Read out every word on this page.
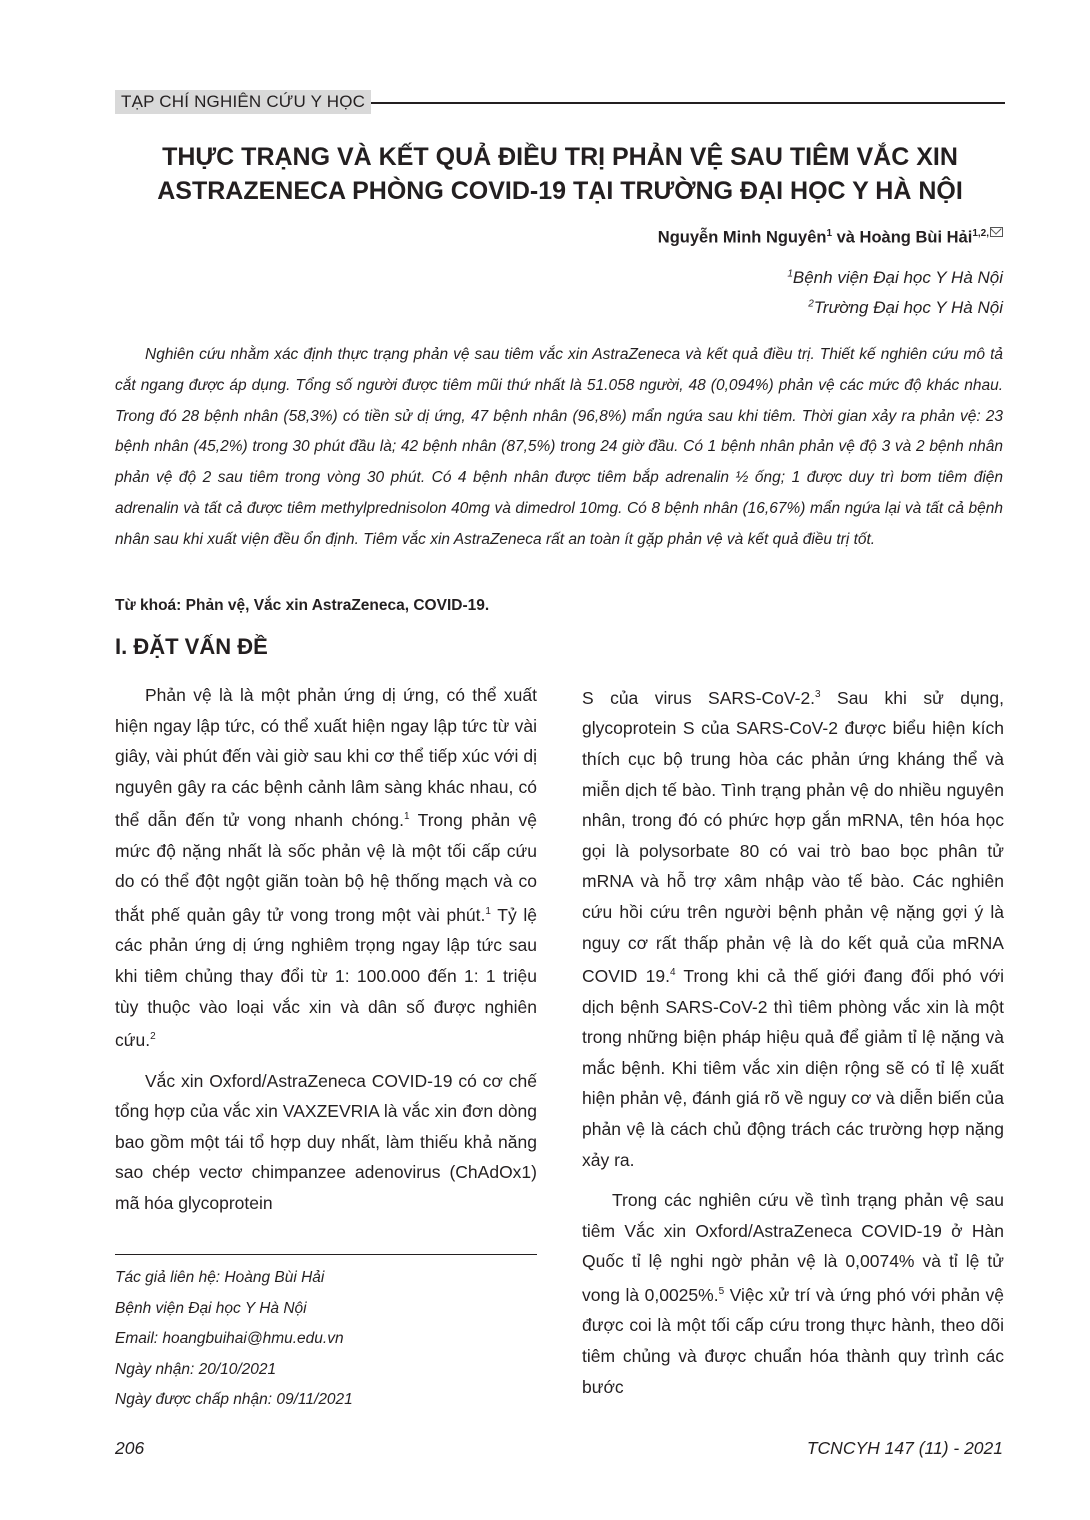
TẠP CHÍ NGHIÊN CỨU Y HỌC
THỰC TRẠNG VÀ KẾT QUẢ ĐIỀU TRỊ PHẢN VỆ SAU TIÊM VẮC XIN
ASTRAZENECA PHÒNG COVID-19 TẠI TRƯỜNG ĐẠI HỌC Y HÀ NỘI
Nguyễn Minh Nguyên$^1$ và Hoàng Bùi Hải$^{1,2,}$
$^1$Bệnh viện Đại học Y Hà Nội
$^2$Trường Đại học Y Hà Nội

Nghiên cứu nhằm xác định thực trạng phản vệ sau tiêm vắc xin AstraZeneca và kết quả điều trị. Thiết kế nghiên cứu mô tả cắt ngang được áp dụng. Tổng số người được tiêm mũi thứ nhất là 51.058 người, 48 (0,094%) phản vệ các mức độ khác nhau. Trong đó 28 bệnh nhân (58,3%) có tiền sử dị ứng, 47 bệnh nhân (96,8%) mẩn ngứa sau khi tiêm. Thời gian xảy ra phản vệ: 23 bệnh nhân (45,2%) trong 30 phút đầu là; 42 bệnh nhân (87,5%) trong 24 giờ đầu. Có 1 bệnh nhân phản vệ độ 3 và 2 bệnh nhân phản vệ độ 2 sau tiêm trong vòng 30 phút. Có 4 bệnh nhân được tiêm bắp adrenalin ½ ống; 1 được duy trì bơm tiêm điện adrenalin và tất cả được tiêm methylprednisolon 40mg và dimedrol 10mg. Có 8 bệnh nhân (16,67%) mẩn ngứa lại và tất cả bệnh nhân sau khi xuất viện đều ổn định. Tiêm vắc xin AstraZeneca rất an toàn ít gặp phản vệ và kết quả điều trị tốt.

Từ khoá: Phản vệ, Vắc xin AstraZeneca, COVID-19.
I. ĐẶT VẤN ĐỀ

Phản vệ là là một phản ứng dị ứng, có thể xuất hiện ngay lập tức, có thể xuất hiện ngay lập tức từ vài giây, vài phút đến vài giờ sau khi cơ thể tiếp xúc với dị nguyên gây ra các bệnh cảnh lâm sàng khác nhau, có thể dẫn đến tử vong nhanh chóng.$^1$ Trong phản vệ mức độ nặng nhất là sốc phản vệ là một tối cấp cứu do có thể đột ngột giãn toàn bộ hệ thống mạch và co thắt phế quản gây tử vong trong một vài phút.$^1$ Tỷ lệ các phản ứng dị ứng nghiêm trọng ngay lập tức sau khi tiêm chủng thay đổi từ 1: 100.000 đến 1: 1 triệu tùy thuộc vào loại vắc xin và dân số được nghiên cứu.$^2$

Vắc xin Oxford/AstraZeneca COVID-19 có cơ chế tổng hợp của vắc xin VAXZEVRIA là vắc xin đơn dòng bao gồm một tái tổ hợp duy nhất, làm thiếu khả năng sao chép vectơ chimpanzee adenovirus (ChAdOx1) mã hóa glycoprotein

S của virus SARS-CoV-2.$^3$ Sau khi sử dụng, glycoprotein S của SARS-CoV-2 được biểu hiện kích thích cục bộ trung hòa các phản ứng kháng thể và miễn dịch tế bào. Tình trạng phản vệ do nhiều nguyên nhân, trong đó có phức hợp gắn mRNA, tên hóa học gọi là polysorbate 80 có vai trò bao bọc phân tử mRNA và hỗ trợ xâm nhập vào tế bào. Các nghiên cứu hồi cứu trên người bệnh phản vệ nặng gợi ý là nguy cơ rất thấp phản vệ là do kết quả của mRNA COVID 19.$^4$ Trong khi cả thế giới đang đối phó với dịch bệnh SARS-CoV-2 thì tiêm phòng vắc xin là một trong những biện pháp hiệu quả để giảm tỉ lệ nặng và mắc bệnh. Khi tiêm vắc xin diện rộng sẽ có tỉ lệ xuất hiện phản vệ, đánh giá rõ về nguy cơ và diễn biến của phản vệ là cách chủ động trách các trường hợp nặng xảy ra.

Trong các nghiên cứu về tình trạng phản vệ sau tiêm Vắc xin Oxford/AstraZeneca COVID-19 ở Hàn Quốc tỉ lệ nghi ngờ phản vệ là 0,0074% và tỉ lệ tử vong là 0,0025%.$^5$ Việc xử trí và ứng phó với phản vệ được coi là một tối cấp cứu trong thực hành, theo dõi tiêm chủng và được chuẩn hóa thành quy trình các bước

Tác giả liên hệ: Hoàng Bùi Hải
Bệnh viện Đại học Y Hà Nội
Email: hoangbuihai@hmu.edu.vn
Ngày nhận: 20/10/2021
Ngày được chấp nhận: 09/11/2021
206	TCNCYH 147 (11) - 2021
